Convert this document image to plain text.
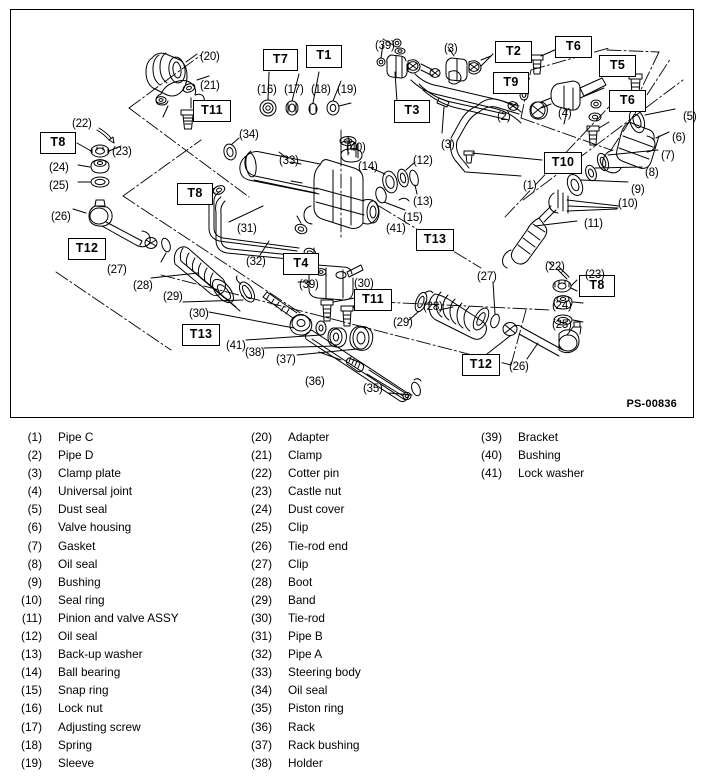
PS-00836
T7	T1
T11
T8
T3
T2	T6
T5
T9
T6
T8
T10
T4
T13
T11
T13
T12
T12
T8
(20)
(21)
(22)
(23)
(24)
(25)
(26)
(27)
(28)
(29)
(30)
(41)
(38)
(37)
(36)
(35)
(34)
(33)
(31)
(32)
(39)
(16) (17) (18) (19)
(40)
(14)	(12)
(13)
(15)
(41)
(30)
(39)	(3)
(2)
(3)
(1)
(4)	(5)
(6)
(7)
(8)
(9)
(10)
(11)
(22)
(23)
(24)
(25)
(27)
(28)
(29)
(26)
(1) Pipe C
(2) Pipe D
(3) Clamp plate
(4) Universal joint
(5) Dust seal
(6) Valve housing
(7) Gasket
(8) Oil seal
(9) Bushing
(10) Seal ring
(11) Pinion and valve ASSY
(12) Oil seal
(13) Back-up washer
(14) Ball bearing
(15) Snap ring
(16) Lock nut
(17) Adjusting screw
(18) Spring
(19) Sleeve
(20) Adapter
(21) Clamp
(22) Cotter pin
(23) Castle nut
(24) Dust cover
(25) Clip
(26) Tie-rod end
(27) Clip
(28) Boot
(29) Band
(30) Tie-rod
(31) Pipe B
(32) Pipe A
(33) Steering body
(34) Oil seal
(35) Piston ring
(36) Rack
(37) Rack bushing
(38) Holder
(39) Bracket
(40) Bushing
(41) Lock washer
